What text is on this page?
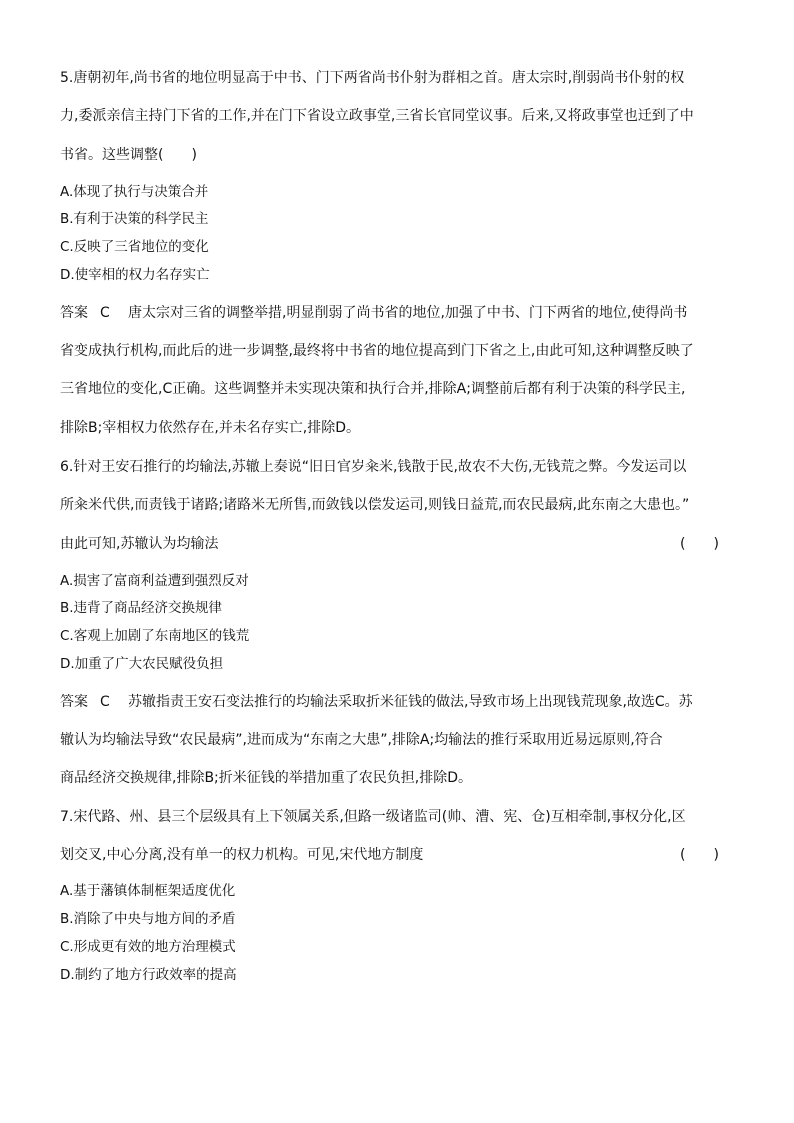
5.唐朝初年,尚书省的地位明显高于中书、门下两省尚书仆射为群相之首。唐太宗时,削弱尚书仆射的权
力,委派亲信主持门下省的工作,并在门下省设立政事堂,三省长官同堂议事。后来,又将政事堂也迁到了中
书省。这些调整(　　)
A.体现了执行与决策合并
B.有利于决策的科学民主
C.反映了三省地位的变化
D.使宰相的权力名存实亡
答案 C 唐太宗对三省的调整举措,明显削弱了尚书省的地位,加强了中书、门下两省的地位,使得尚书
省变成执行机构,而此后的进一步调整,最终将中书省的地位提高到门下省之上,由此可知,这种调整反映了
三省地位的变化,C正确。这些调整并未实现决策和执行合并,排除A;调整前后都有利于决策的科学民主,
排除B;宰相权力依然存在,并未名存实亡,排除D。
6.针对王安石推行的均输法,苏辙上奏说“旧日官岁籴米,钱散于民,故农不大伤,无钱荒之弊。今发运司以
所籴米代供,而责钱于诸路;诸路米无所售,而敛钱以偿发运司,则钱日益荒,而农民最病,此东南之大患也。”
由此可知,苏辙认为均输法	(　　)
A.损害了富商利益遭到强烈反对
B.违背了商品经济交换规律
C.客观上加剧了东南地区的钱荒
D.加重了广大农民赋役负担
答案 C 苏辙指责王安石变法推行的均输法采取折米征钱的做法,导致市场上出现钱荒现象,故选C。苏
辙认为均输法导致“农民最病”,进而成为“东南之大患”,排除A;均输法的推行采取用近易远原则,符合
商品经济交换规律,排除B;折米征钱的举措加重了农民负担,排除D。
7.宋代路、州、县三个层级具有上下领属关系,但路一级诸监司(帅、漕、宪、仓)互相牵制,事权分化,区
划交叉,中心分离,没有单一的权力机构。可见,宋代地方制度	(　　)
A.基于藩镇体制框架适度优化
B.消除了中央与地方间的矛盾
C.形成更有效的地方治理模式
D.制约了地方行政效率的提高
